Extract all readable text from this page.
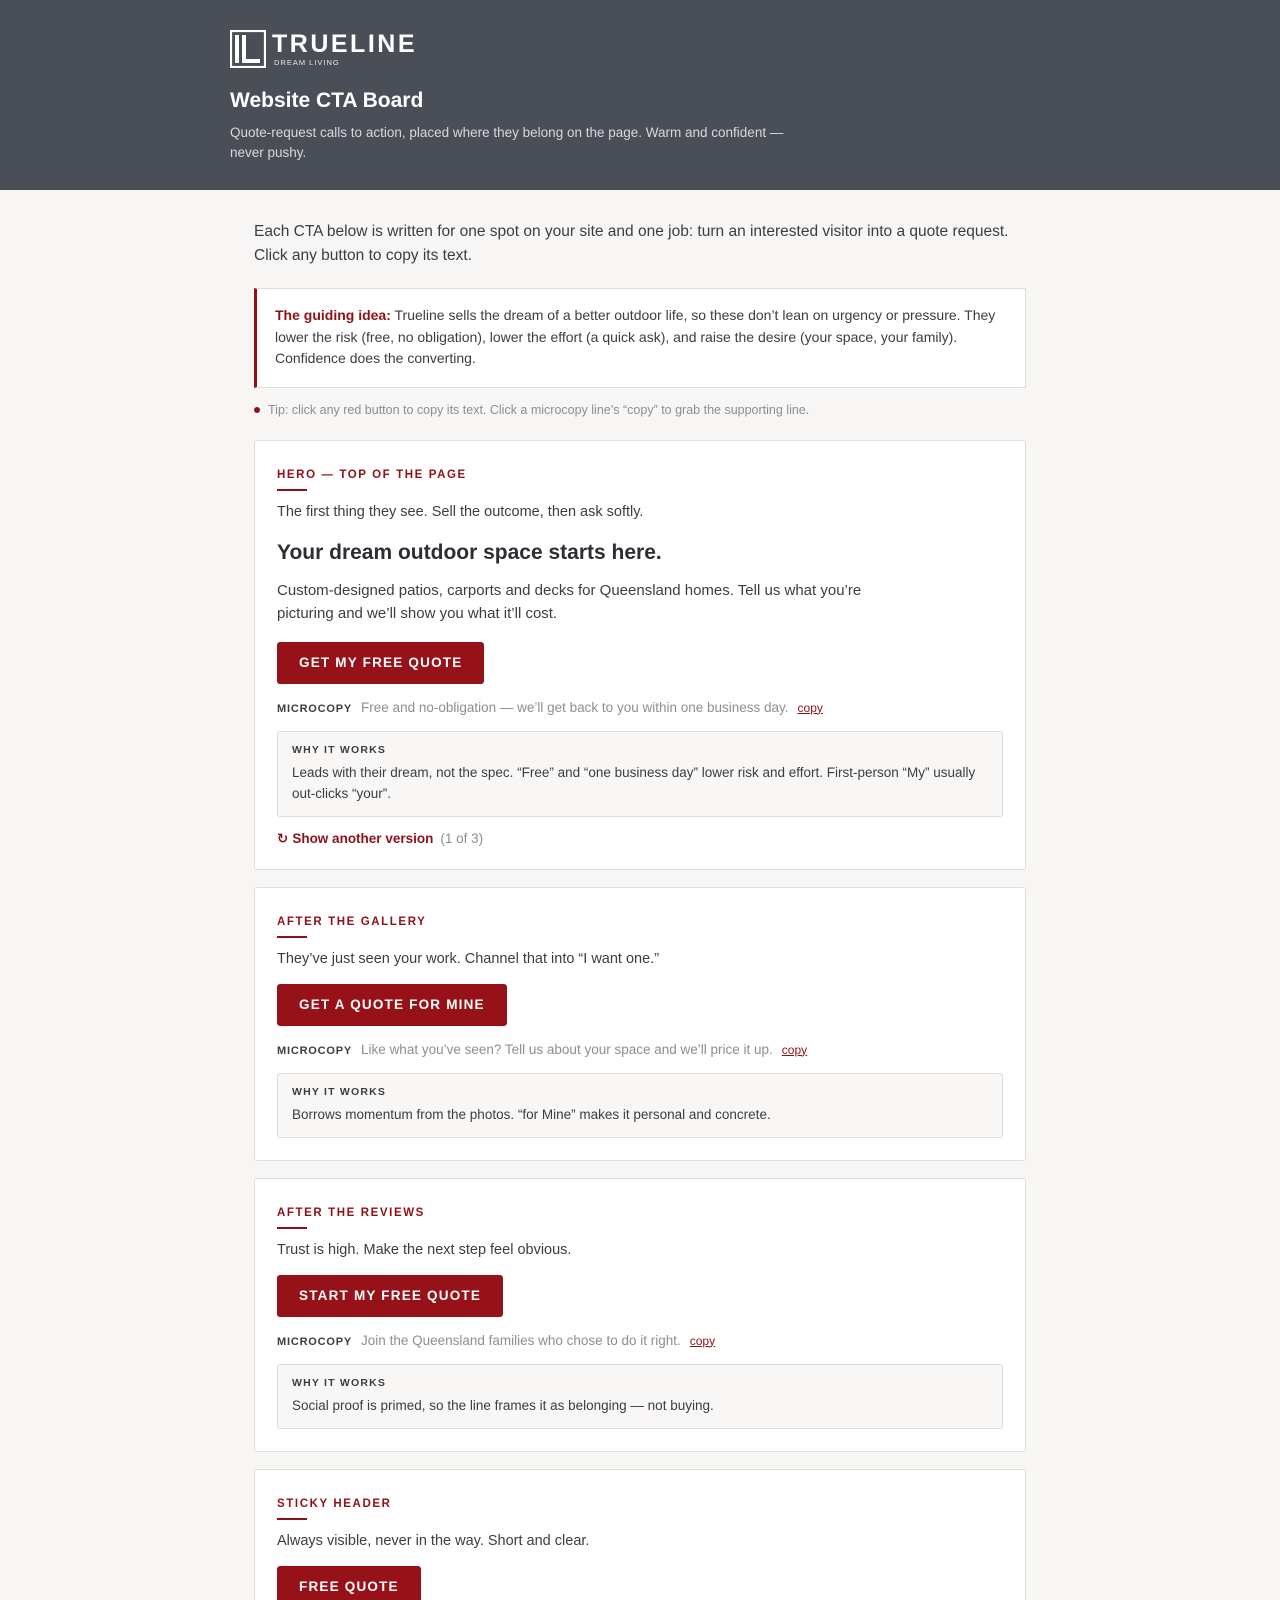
TRUELINE
DREAM LIVING
Website CTA Board

Quote-request calls to action, placed where they belong on the page. Warm and confident — never pushy.

Each CTA below is written for one spot on your site and one job: turn an interested visitor into a quote request. Click any button to copy its text.

The guiding idea: Trueline sells the dream of a better outdoor life, so these don’t lean on urgency or pressure. They lower the risk (free, no obligation), lower the effort (a quick ask), and raise the desire (your space, your family). Confidence does the converting.
Tip: click any red button to copy its text. Click a microcopy line’s “copy” to grab the supporting line.
HERO — TOP OF THE PAGE

The first thing they see. Sell the outcome, then ask softly.

Your dream outdoor space starts here.

Custom-designed patios, carports and decks for Queensland homes. Tell us what you’re picturing and we’ll show you what it’ll cost.

GET MY FREE QUOTE
MICROCOPY Free and no-obligation — we’ll get back to you within one business day. copy
WHY IT WORKS

Leads with their dream, not the spec. “Free” and “one business day” lower risk and effort. First-person “My” usually out-clicks “your”.

↻ Show another version (1 of 3)
AFTER THE GALLERY

They’ve just seen your work. Channel that into “I want one.”

GET A QUOTE FOR MINE
MICROCOPY Like what you’ve seen? Tell us about your space and we’ll price it up. copy
WHY IT WORKS

Borrows momentum from the photos. “for Mine” makes it personal and concrete.

AFTER THE REVIEWS

Trust is high. Make the next step feel obvious.

START MY FREE QUOTE
MICROCOPY Join the Queensland families who chose to do it right. copy
WHY IT WORKS

Social proof is primed, so the line frames it as belonging — not buying.

STICKY HEADER

Always visible, never in the way. Short and clear.

FREE QUOTE
